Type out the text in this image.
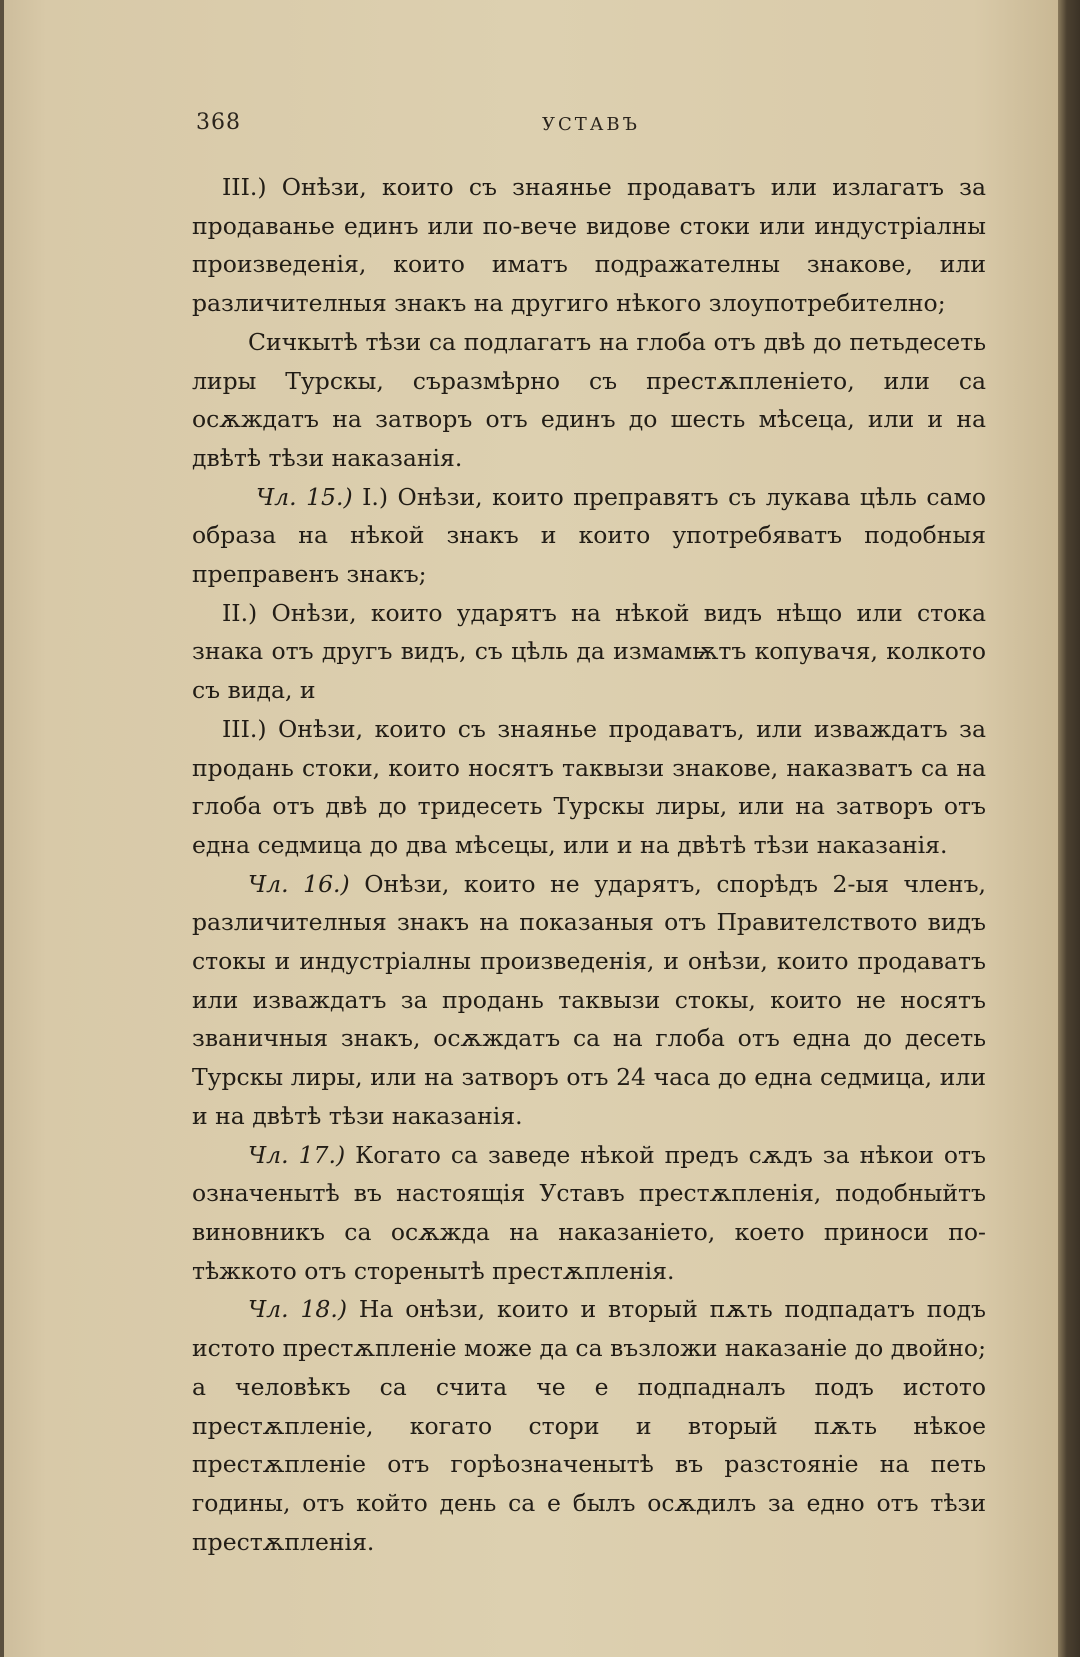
368	УСТАВЪ

III.) Онѣзи, които съ знаянье продаватъ или излагатъ за продаванье единъ или по-вече видове стоки или индустріалны произведенія, които иматъ подражателны знакове, или различителныя знакъ на другиго нѣкого злоупотребително;

Сичкытѣ тѣзи са подлагатъ на глоба отъ двѣ до петьдесеть лиры Турскы, съразмѣрно съ престѫпленіето, или са осѫждатъ на затворъ отъ единъ до шесть мѣсеца, или и на двѣтѣ тѣзи наказанія.

Чл. 15.) I.) Онѣзи, които преправятъ съ лукава цѣль само образа на нѣкой знакъ и които употребяватъ подобныя преправенъ знакъ;

II.) Онѣзи, които ударятъ на нѣкой видъ нѣщо или стока знака отъ другъ видъ, съ цѣль да измамѭтъ копувачя, колкото съ вида, и

III.) Онѣзи, които съ знаянье продаватъ, или изваждатъ за продань стоки, които носятъ таквызи знакове, наказватъ са на глоба отъ двѣ до тридесеть Турскы лиры, или на затворъ отъ една седмица до два мѣсецы, или и на двѣтѣ тѣзи наказанія.

Чл. 16.) Онѣзи, които не ударятъ, спорѣдъ 2-ыя членъ, различителныя знакъ на показаныя отъ Правителството видъ стокы и индустріалны произведенія, и онѣзи, които продаватъ или изваждатъ за продань таквызи стокы, които не носятъ званичныя знакъ, осѫждатъ са на глоба отъ една до десеть Турскы лиры, или на затворъ отъ 24 часа до една седмица, или и на двѣтѣ тѣзи наказанія.

Чл. 17.) Когато са заведе нѣкой предъ сѫдъ за нѣкои отъ означенытѣ въ настоящія Уставъ престѫпленія, подобныйтъ виновникъ са осѫжда на наказаніето, което приноси по-тѣжкото отъ сторенытѣ престѫпленія.

Чл. 18.) На онѣзи, които и вторый пѫть подпадатъ подъ истото престѫпленіе може да са възложи наказаніе до двойно; а человѣкъ са счита че е подпадналъ подъ истото престѫпленіе, когато стори и вторый пѫть нѣкое престѫпленіе отъ горѣозначенытѣ въ разстояніе на петь годины, отъ който день са е былъ осѫдилъ за едно отъ тѣзи престѫпленія.
